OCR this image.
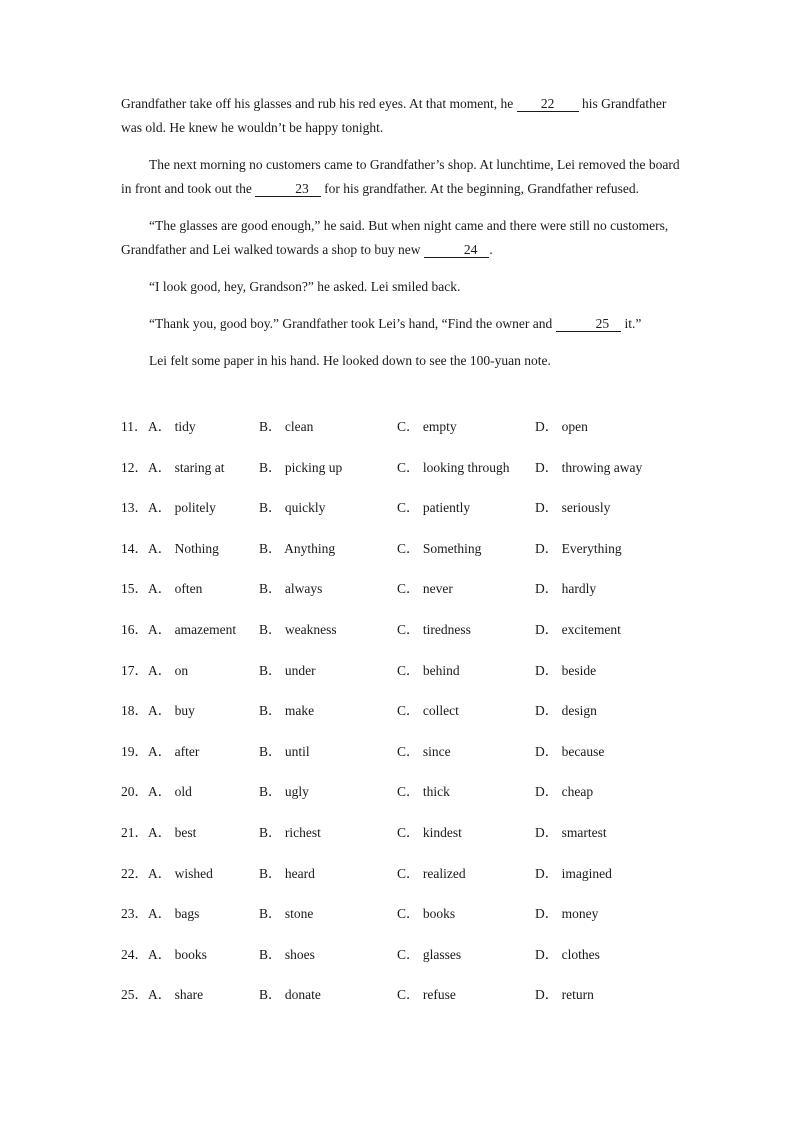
Grandfather take off his glasses and rub his red eyes. At that moment, he 22 his Grandfather was old. He knew he wouldn’t be happy tonight.

The next morning no customers came to Grandfather’s shop. At lunchtime, Lei removed the board in front and took out the	23 for his grandfather. At the beginning, Grandfather refused.

“The glasses are good enough,” he said. But when night came and there were still no customers, Grandfather and Lei walked towards a shop to buy new	24 .

“I look good, hey, Grandson?” he asked. Lei smiled back.

“Thank you, good boy.” Grandfather took Lei’s hand, “Find the owner and	25 it.”

Lei felt some paper in his hand. He looked down to see the 100-yuan note.

11． A． tidy	B． clean	C． empty	D． open
12． A． staring at	B． picking up	C． looking through D． throwing away
13． A． politely	B． quickly	C． patiently	D． seriously
14． A． Nothing	B． Anything	C． Something	D． Everything
15． A． often	B． always	C． never	D． hardly
16． A． amazement B． weakness	C． tiredness	D． excitement
17． A． on	B． under	C． behind	D． beside
18． A． buy	B． make	C． collect	D． design
19． A． after	B． until	C． since	D． because
20． A． old	B． ugly	C． thick	D． cheap
21． A． best	B． richest	C． kindest	D． smartest
22． A． wished	B． heard	C． realized	D． imagined
23． A． bags	B． stone	C． books	D． money
24． A． books	B． shoes	C． glasses	D． clothes
25． A． share	B． donate	C． refuse	D． return
